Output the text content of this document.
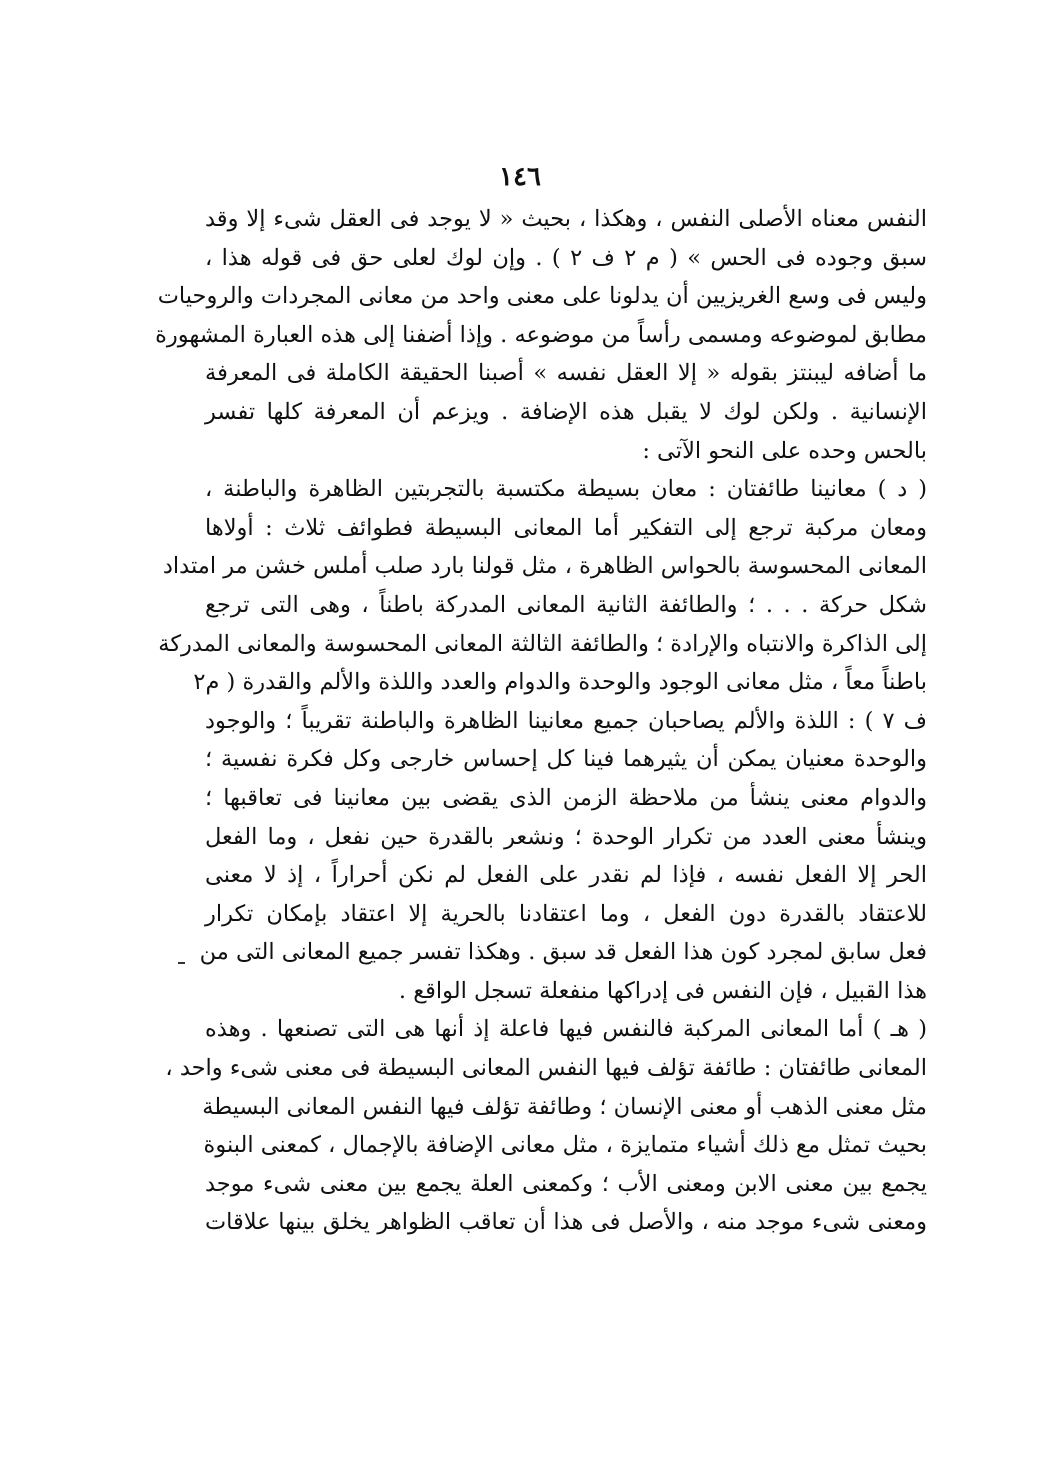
١٤٦
النفس معناه الأصلى النفس ، وهكذا ، بحيث « لا يوجد فى العقل شىء إلا وقد
سبق وجوده فى الحس » ( م ٢ ف ٢ ) . وإن لوك لعلى حق فى قوله هذا ،
وليس فى وسع الغريزيين أن يدلونا على معنى واحد من معانى المجردات والروحيات
مطابق لموضوعه ومسمى رأساً من موضوعه . وإذا أضفنا إلى هذه العبارة المشهورة
ما أضافه ليبنتز بقوله « إلا العقل نفسه » أصبنا الحقيقة الكاملة فى المعرفة
الإنسانية . ولكن لوك لا يقبل هذه الإضافة . ويزعم أن المعرفة كلها تفسر
بالحس وحده على النحو الآتى :
( د ) معانينا طائفتان : معان بسيطة مكتسبة بالتجربتين الظاهرة والباطنة ،
ومعان مركبة ترجع إلى التفكير أما المعانى البسيطة فطوائف ثلاث : أولاها
المعانى المحسوسة بالحواس الظاهرة ، مثل قولنا بارد صلب أملس خشن مر امتداد
شكل حركة . . . ؛ والطائفة الثانية المعانى المدركة باطناً ، وهى التى ترجع
إلى الذاكرة والانتباه والإرادة ؛ والطائفة الثالثة المعانى المحسوسة والمعانى المدركة
باطناً معاً ، مثل معانى الوجود والوحدة والدوام والعدد واللذة والألم والقدرة ( م٢
ف ٧ ) : اللذة والألم يصاحبان جميع معانينا الظاهرة والباطنة تقريباً ؛ والوجود
والوحدة معنيان يمكن أن يثيرهما فينا كل إحساس خارجى وكل فكرة نفسية ؛
والدوام معنى ينشأ من ملاحظة الزمن الذى يقضى بين معانينا فى تعاقبها ؛
وينشأ معنى العدد من تكرار الوحدة ؛ ونشعر بالقدرة حين نفعل ، وما الفعل
الحر إلا الفعل نفسه ، فإذا لم نقدر على الفعل لم نكن أحراراً ، إذ لا معنى
للاعتقاد بالقدرة دون الفعل ، وما اعتقادنا بالحرية إلا اعتقاد بإمكان تكرار
فعل سابق لمجرد كون هذا الفعل قد سبق . وهكذا تفسر جميع المعانى التى من
هذا القبيل ، فإن النفس فى إدراكها منفعلة تسجل الواقع .
( هـ ) أما المعانى المركبة فالنفس فيها فاعلة إذ أنها هى التى تصنعها . وهذه
المعانى طائفتان : طائفة تؤلف فيها النفس المعانى البسيطة فى معنى شىء واحد ،
مثل معنى الذهب أو معنى الإنسان ؛ وطائفة تؤلف فيها النفس المعانى البسيطة
بحيث تمثل مع ذلك أشياء متمايزة ، مثل معانى الإضافة بالإجمال ، كمعنى البنوة
يجمع بين معنى الابن ومعنى الأب ؛ وكمعنى العلة يجمع بين معنى شىء موجد
ومعنى شىء موجد منه ، والأصل فى هذا أن تعاقب الظواهر يخلق بينها علاقات
